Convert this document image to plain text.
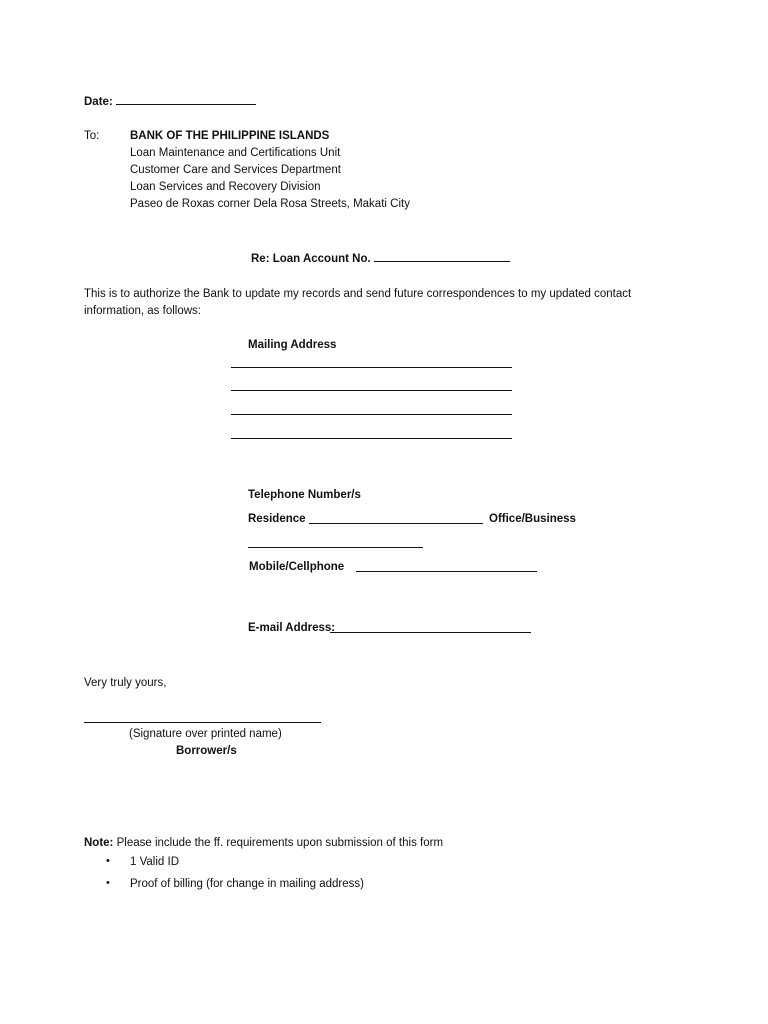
Date:
To:	BANK OF THE PHILIPPINE ISLANDS
Loan Maintenance and Certifications Unit
Customer Care and Services Department
Loan Services and Recovery Division
Paseo de Roxas corner Dela Rosa Streets, Makati City
Re: Loan Account No.
This is to authorize the Bank to update my records and send future correspondences to my updated contact
information, as follows:
Mailing Address
Telephone Number/s
Residence	Office/Business
Mobile/Cellphone
E-mail Address:
Very truly yours,
(Signature over printed name)
Borrower/s
Note: Please include the ff. requirements upon submission of this form
• 1 Valid ID
• Proof of billing (for change in mailing address)
